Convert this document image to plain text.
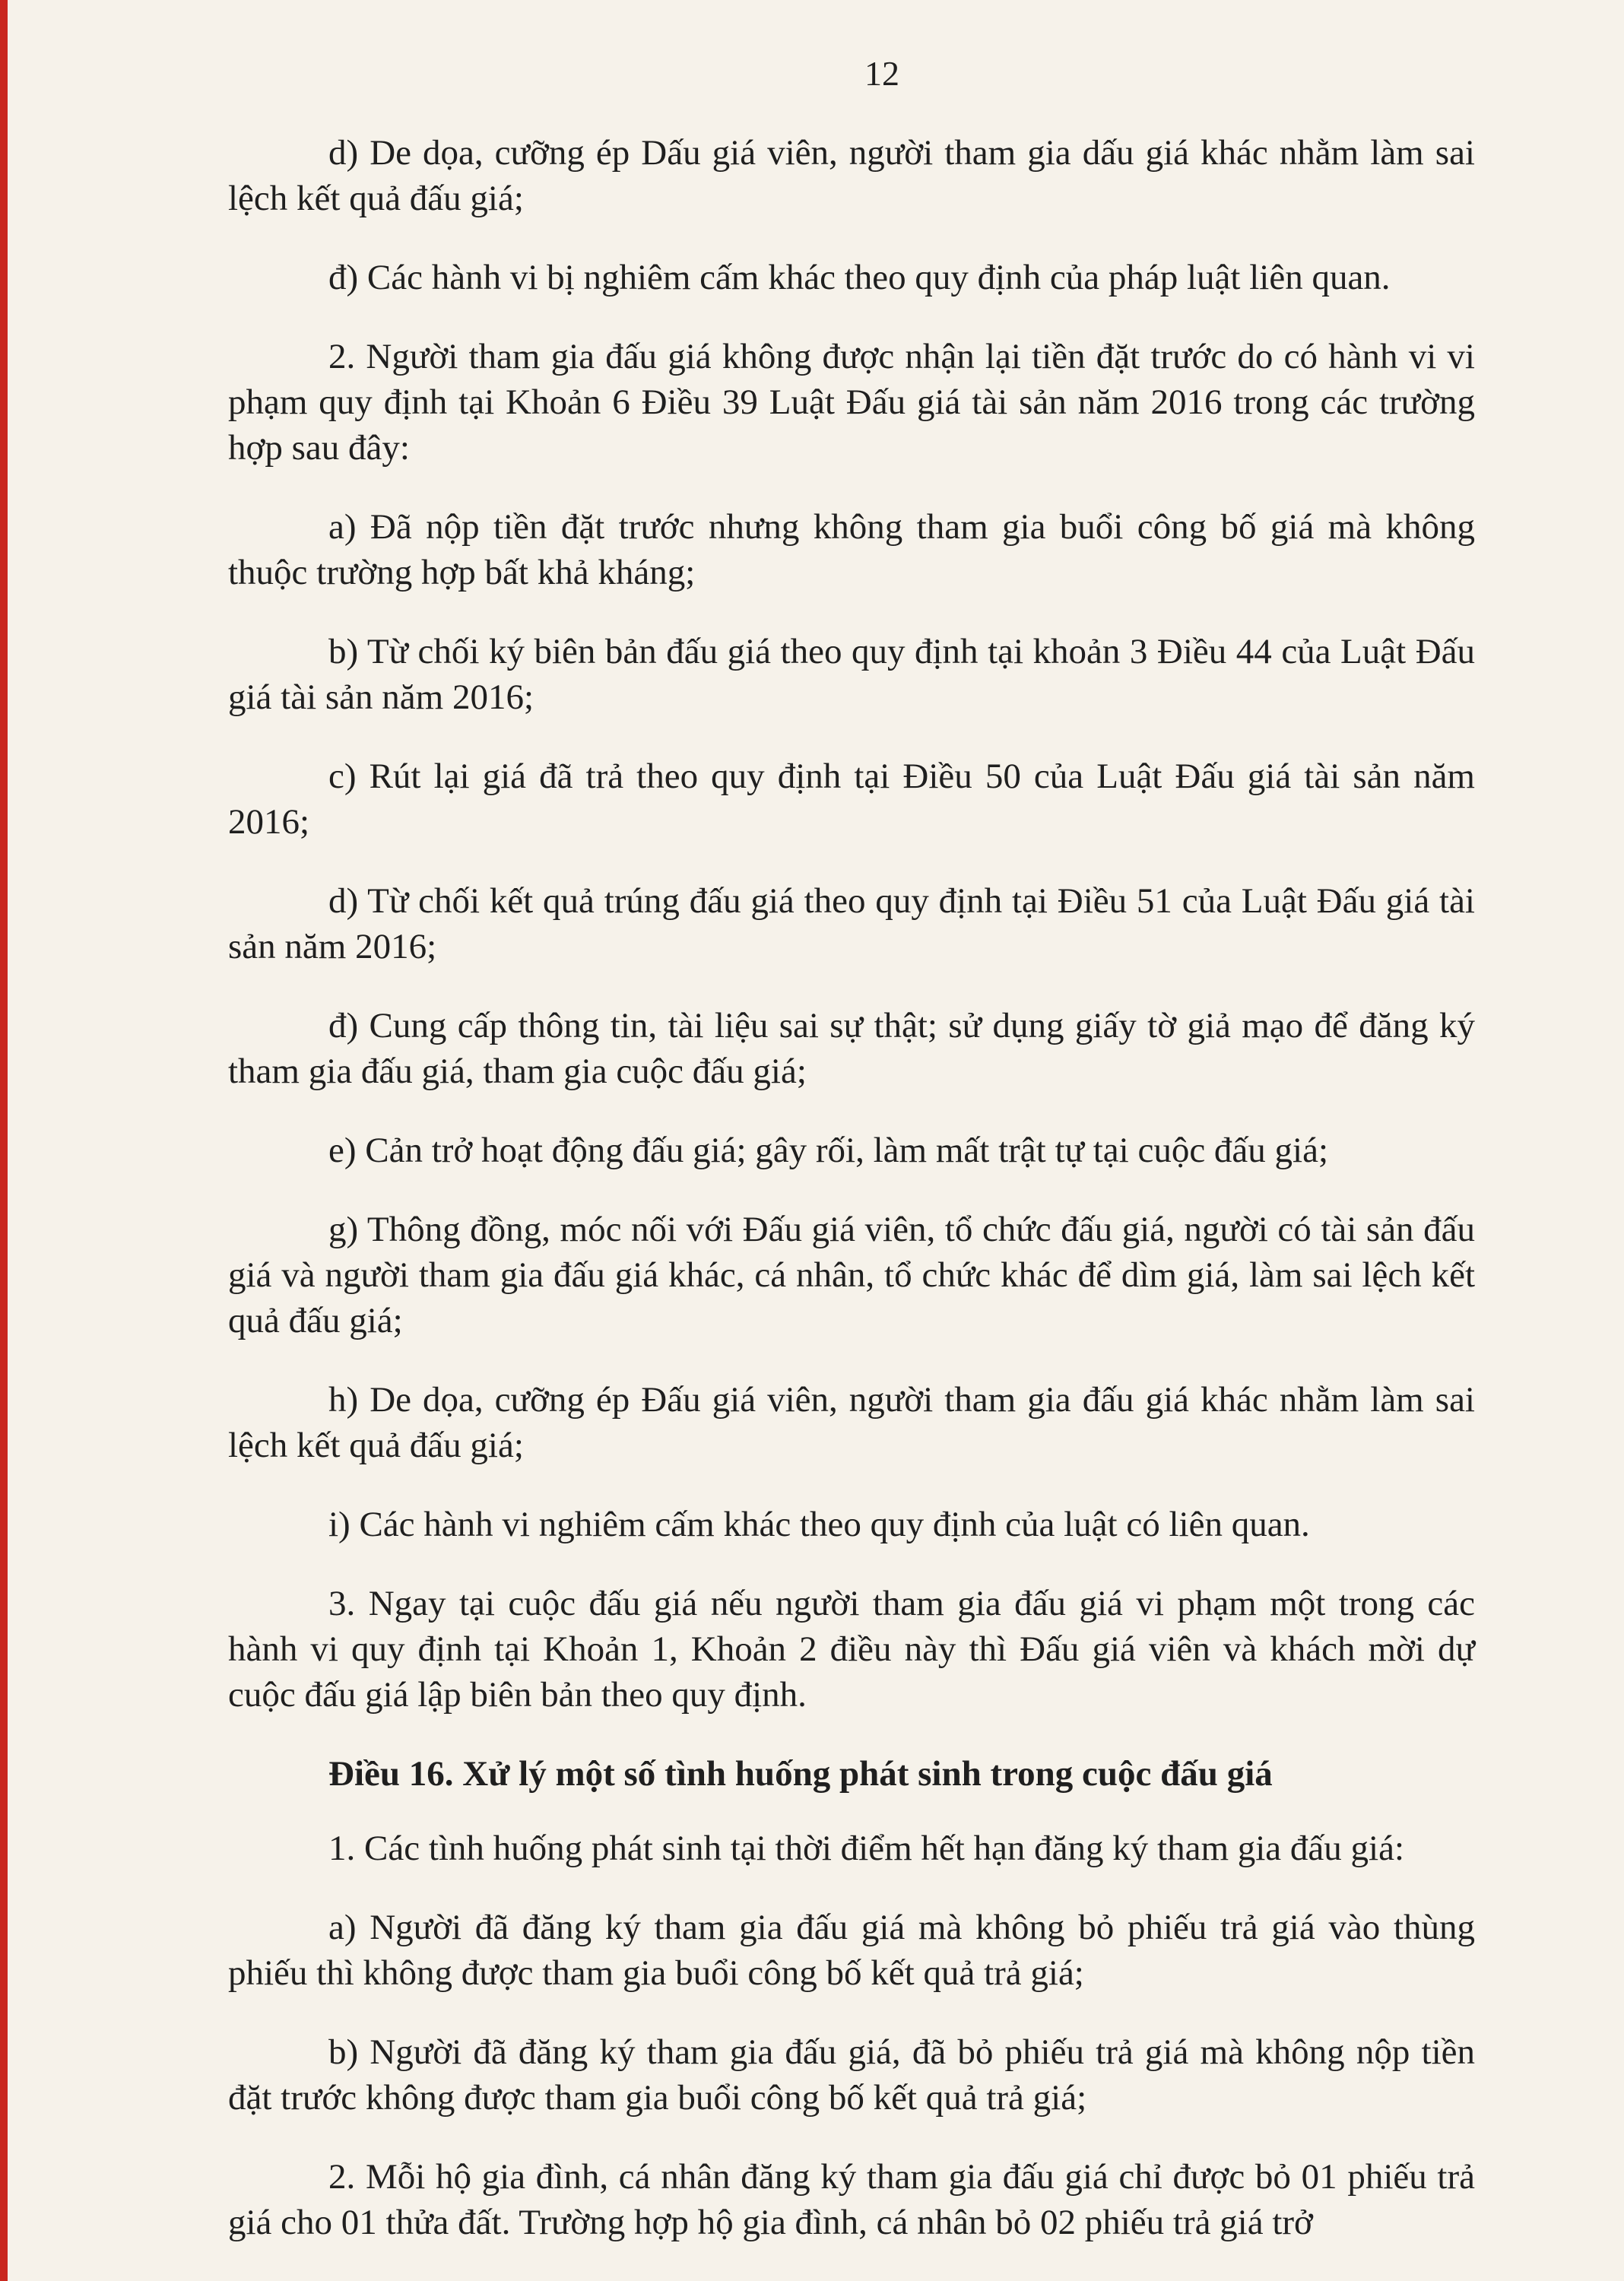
12

d) De dọa, cưỡng ép Dấu giá viên, người tham gia dấu giá khác nhằm làm sai lệch kết quả đấu giá;

đ) Các hành vi bị nghiêm cấm khác theo quy định của pháp luật liên quan.

2. Người tham gia đấu giá không được nhận lại tiền đặt trước do có hành vi vi phạm quy định tại Khoản 6 Điều 39 Luật Đấu giá tài sản năm 2016 trong các trường hợp sau đây:

a) Đã nộp tiền đặt trước nhưng không tham gia buổi công bố giá mà không thuộc trường hợp bất khả kháng;

b) Từ chối ký biên bản đấu giá theo quy định tại khoản 3 Điều 44 của Luật Đấu giá tài sản năm 2016;

c) Rút lại giá đã trả theo quy định tại Điều 50 của Luật Đấu giá tài sản năm 2016;

d) Từ chối kết quả trúng đấu giá theo quy định tại Điều 51 của Luật Đấu giá tài sản năm 2016;

đ) Cung cấp thông tin, tài liệu sai sự thật; sử dụng giấy tờ giả mạo để đăng ký tham gia đấu giá, tham gia cuộc đấu giá;

e) Cản trở hoạt động đấu giá; gây rối, làm mất trật tự tại cuộc đấu giá;

g) Thông đồng, móc nối với Đấu giá viên, tổ chức đấu giá, người có tài sản đấu giá và người tham gia đấu giá khác, cá nhân, tổ chức khác để dìm giá, làm sai lệch kết quả đấu giá;

h) De dọa, cưỡng ép Đấu giá viên, người tham gia đấu giá khác nhằm làm sai lệch kết quả đấu giá;

i) Các hành vi nghiêm cấm khác theo quy định của luật có liên quan.

3. Ngay tại cuộc đấu giá nếu người tham gia đấu giá vi phạm một trong các hành vi quy định tại Khoản 1, Khoản 2 điều này thì Đấu giá viên và khách mời dự cuộc đấu giá lập biên bản theo quy định.

Điều 16. Xử lý một số tình huống phát sinh trong cuộc đấu giá

1. Các tình huống phát sinh tại thời điểm hết hạn đăng ký tham gia đấu giá:

a) Người đã đăng ký tham gia đấu giá mà không bỏ phiếu trả giá vào thùng phiếu thì không được tham gia buổi công bố kết quả trả giá;

b) Người đã đăng ký tham gia đấu giá, đã bỏ phiếu trả giá mà không nộp tiền đặt trước không được tham gia buổi công bố kết quả trả giá;

2. Mỗi hộ gia đình, cá nhân đăng ký tham gia đấu giá chỉ được bỏ 01 phiếu trả giá cho 01 thửa đất. Trường hợp hộ gia đình, cá nhân bỏ 02 phiếu trả giá trở
